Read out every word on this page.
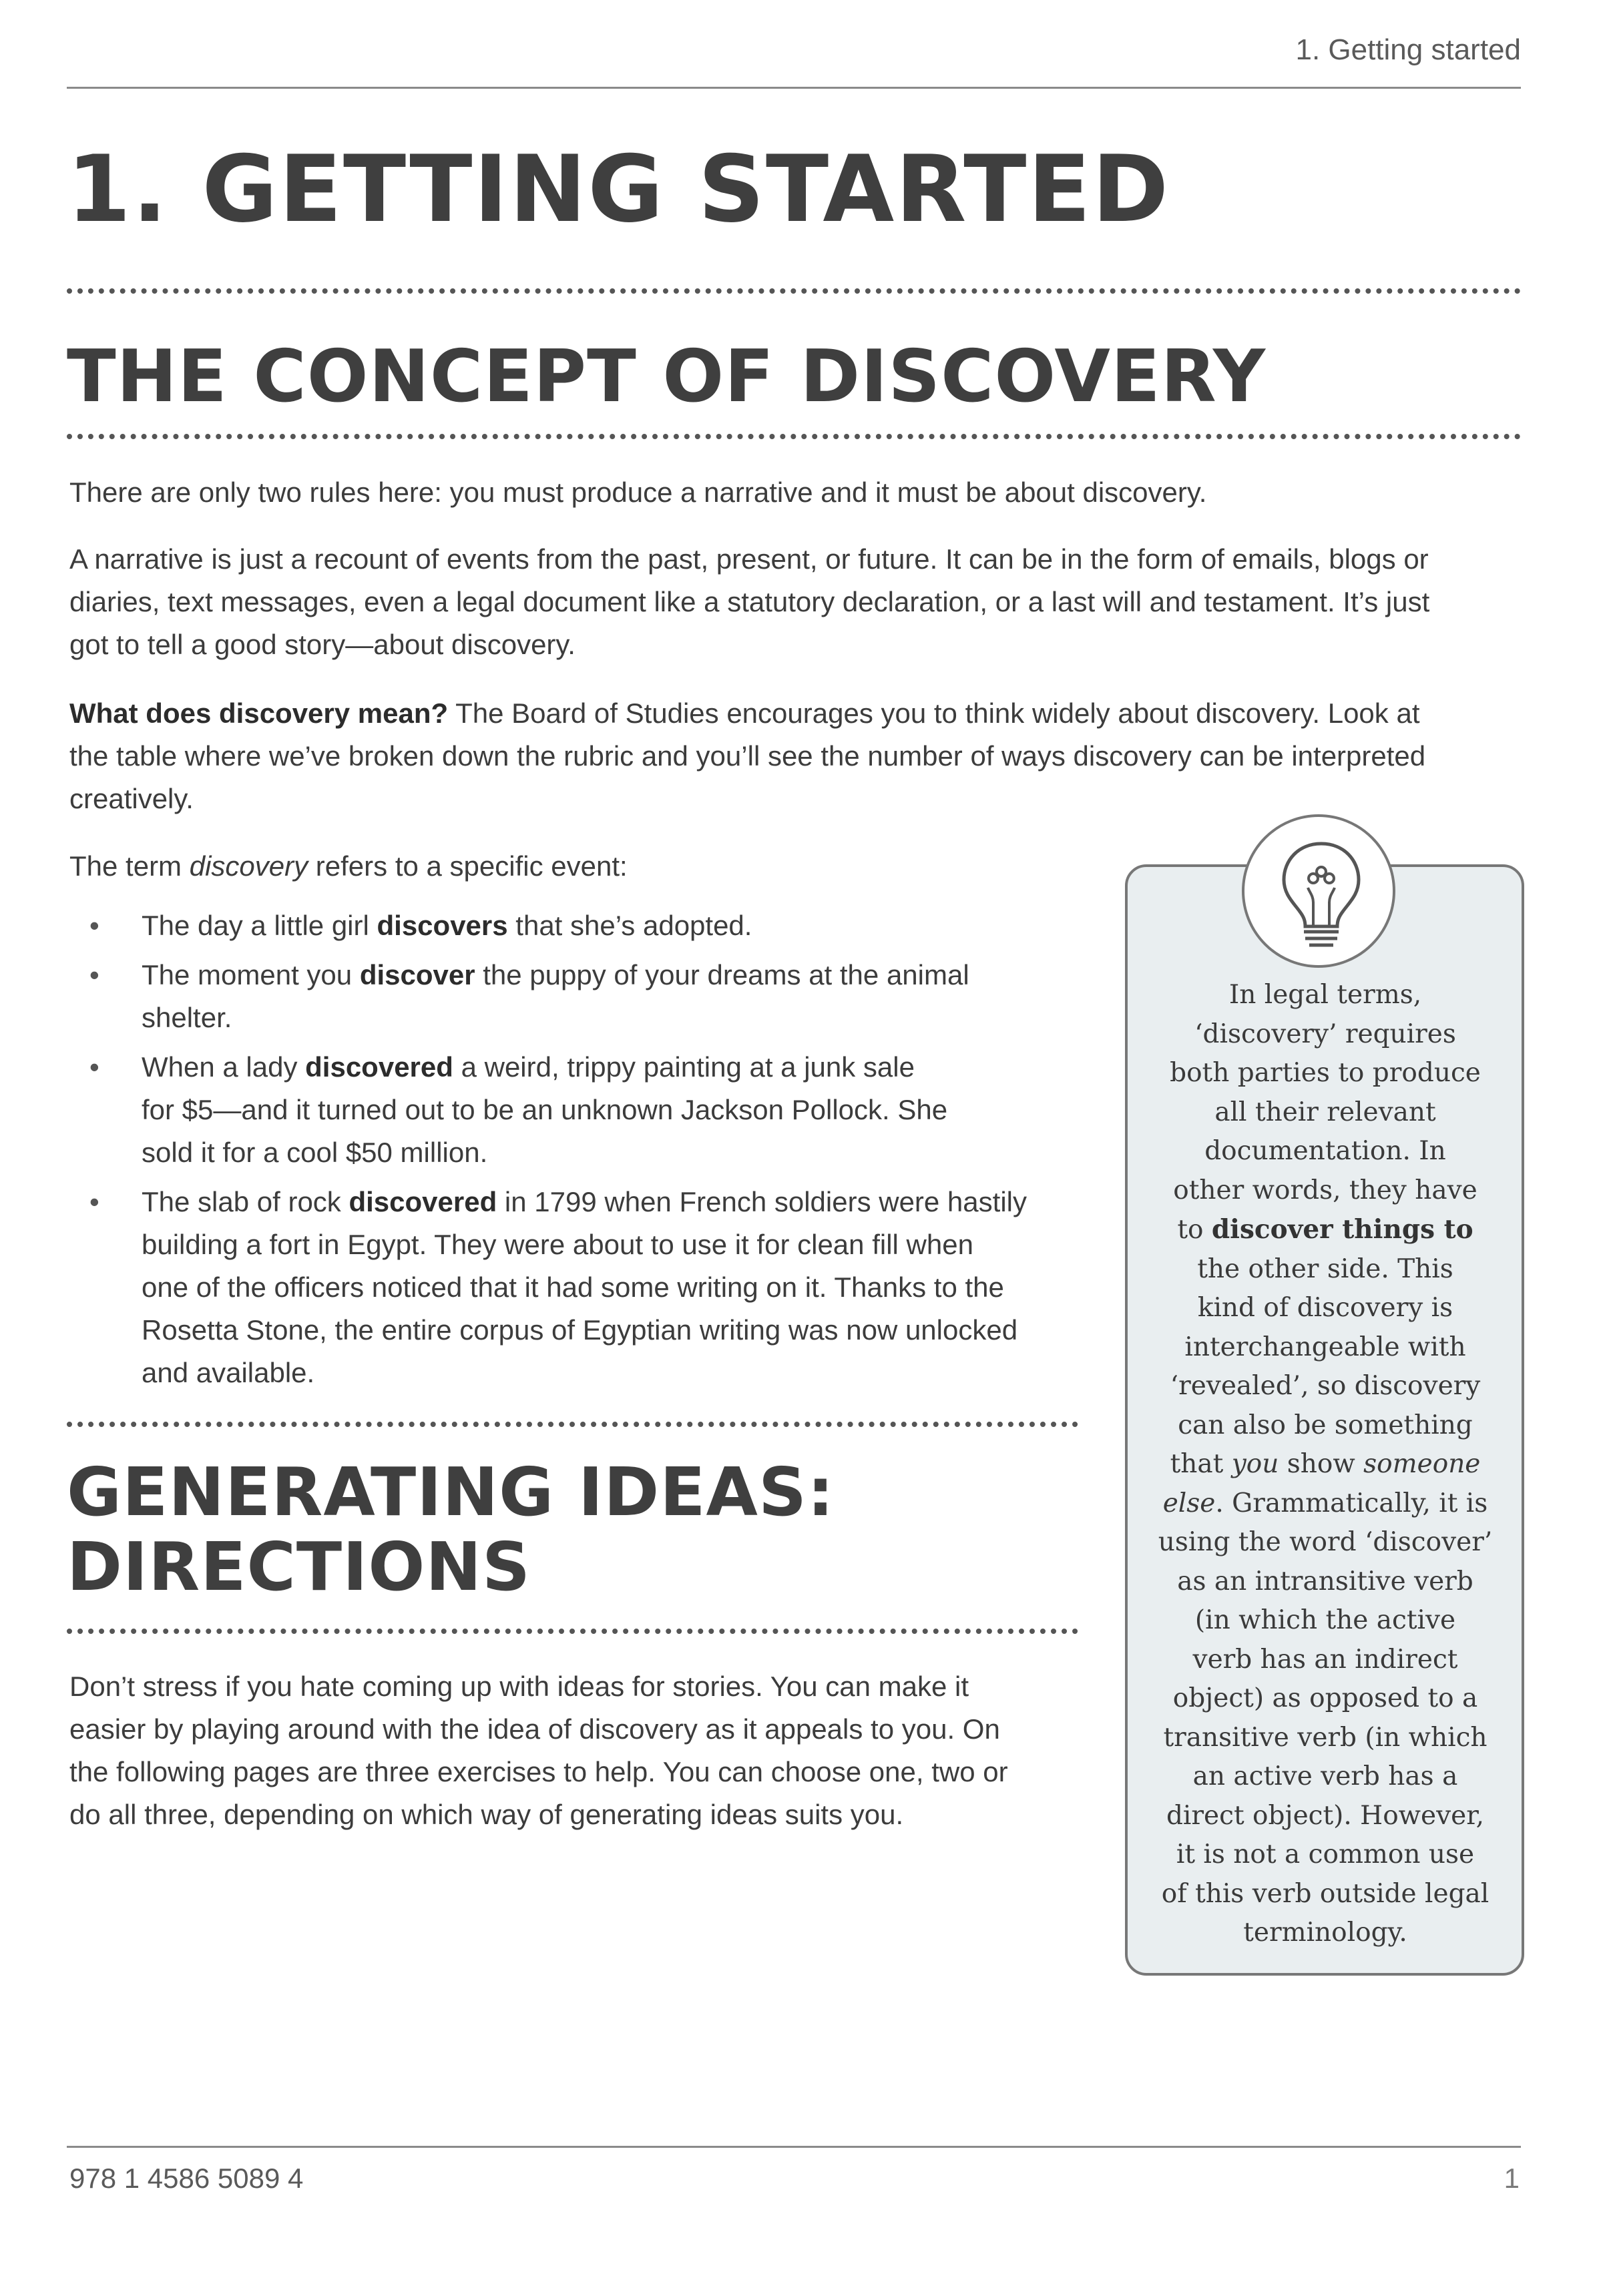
1. Getting started
1. GETTING STARTED
THE CONCEPT OF DISCOVERY

There are only two rules here: you must produce a narrative and it must be about discovery.

A narrative is just a recount of events from the past, present, or future. It can be in the form of emails, blogs or
diaries, text messages, even a legal document like a statutory declaration, or a last will and testament. It’s just
got to tell a good story—about discovery.

What does discovery mean? The Board of Studies encourages you to think widely about discovery. Look at
the table where we’ve broken down the rubric and you’ll see the number of ways discovery can be interpreted
creatively.

The term discovery refers to a specific event:

• The day a little girl discovers that she’s adopted.
• The moment you discover the puppy of your dreams at the animal
shelter.
• When a lady discovered a weird, trippy painting at a junk sale
for $5—and it turned out to be an unknown Jackson Pollock. She
sold it for a cool $50 million.
• The slab of rock discovered in 1799 when French soldiers were hastily
building a fort in Egypt. They were about to use it for clean fill when
one of the officers noticed that it had some writing on it. Thanks to the
Rosetta Stone, the entire corpus of Egyptian writing was now unlocked
and available.
GENERATING IDEAS:
DIRECTIONS

Don’t stress if you hate coming up with ideas for stories. You can make it
easier by playing around with the idea of discovery as it appeals to you. On
the following pages are three exercises to help. You can choose one, two or
do all three, depending on which way of generating ideas suits you.

In legal terms,
‘discovery’ requires
both parties to produce
all their relevant
documentation. In
other words, they have
to discover things to
the other side. This
kind of discovery is
interchangeable with
‘revealed’, so discovery
can also be something
that you show someone
else. Grammatically, it is
using the word ‘discover’
as an intransitive verb
(in which the active
verb has an indirect
object) as opposed to a
transitive verb (in which
an active verb has a
direct object). However,
it is not a common use
of this verb outside legal
terminology.

978 1 4586 5089 4	1
